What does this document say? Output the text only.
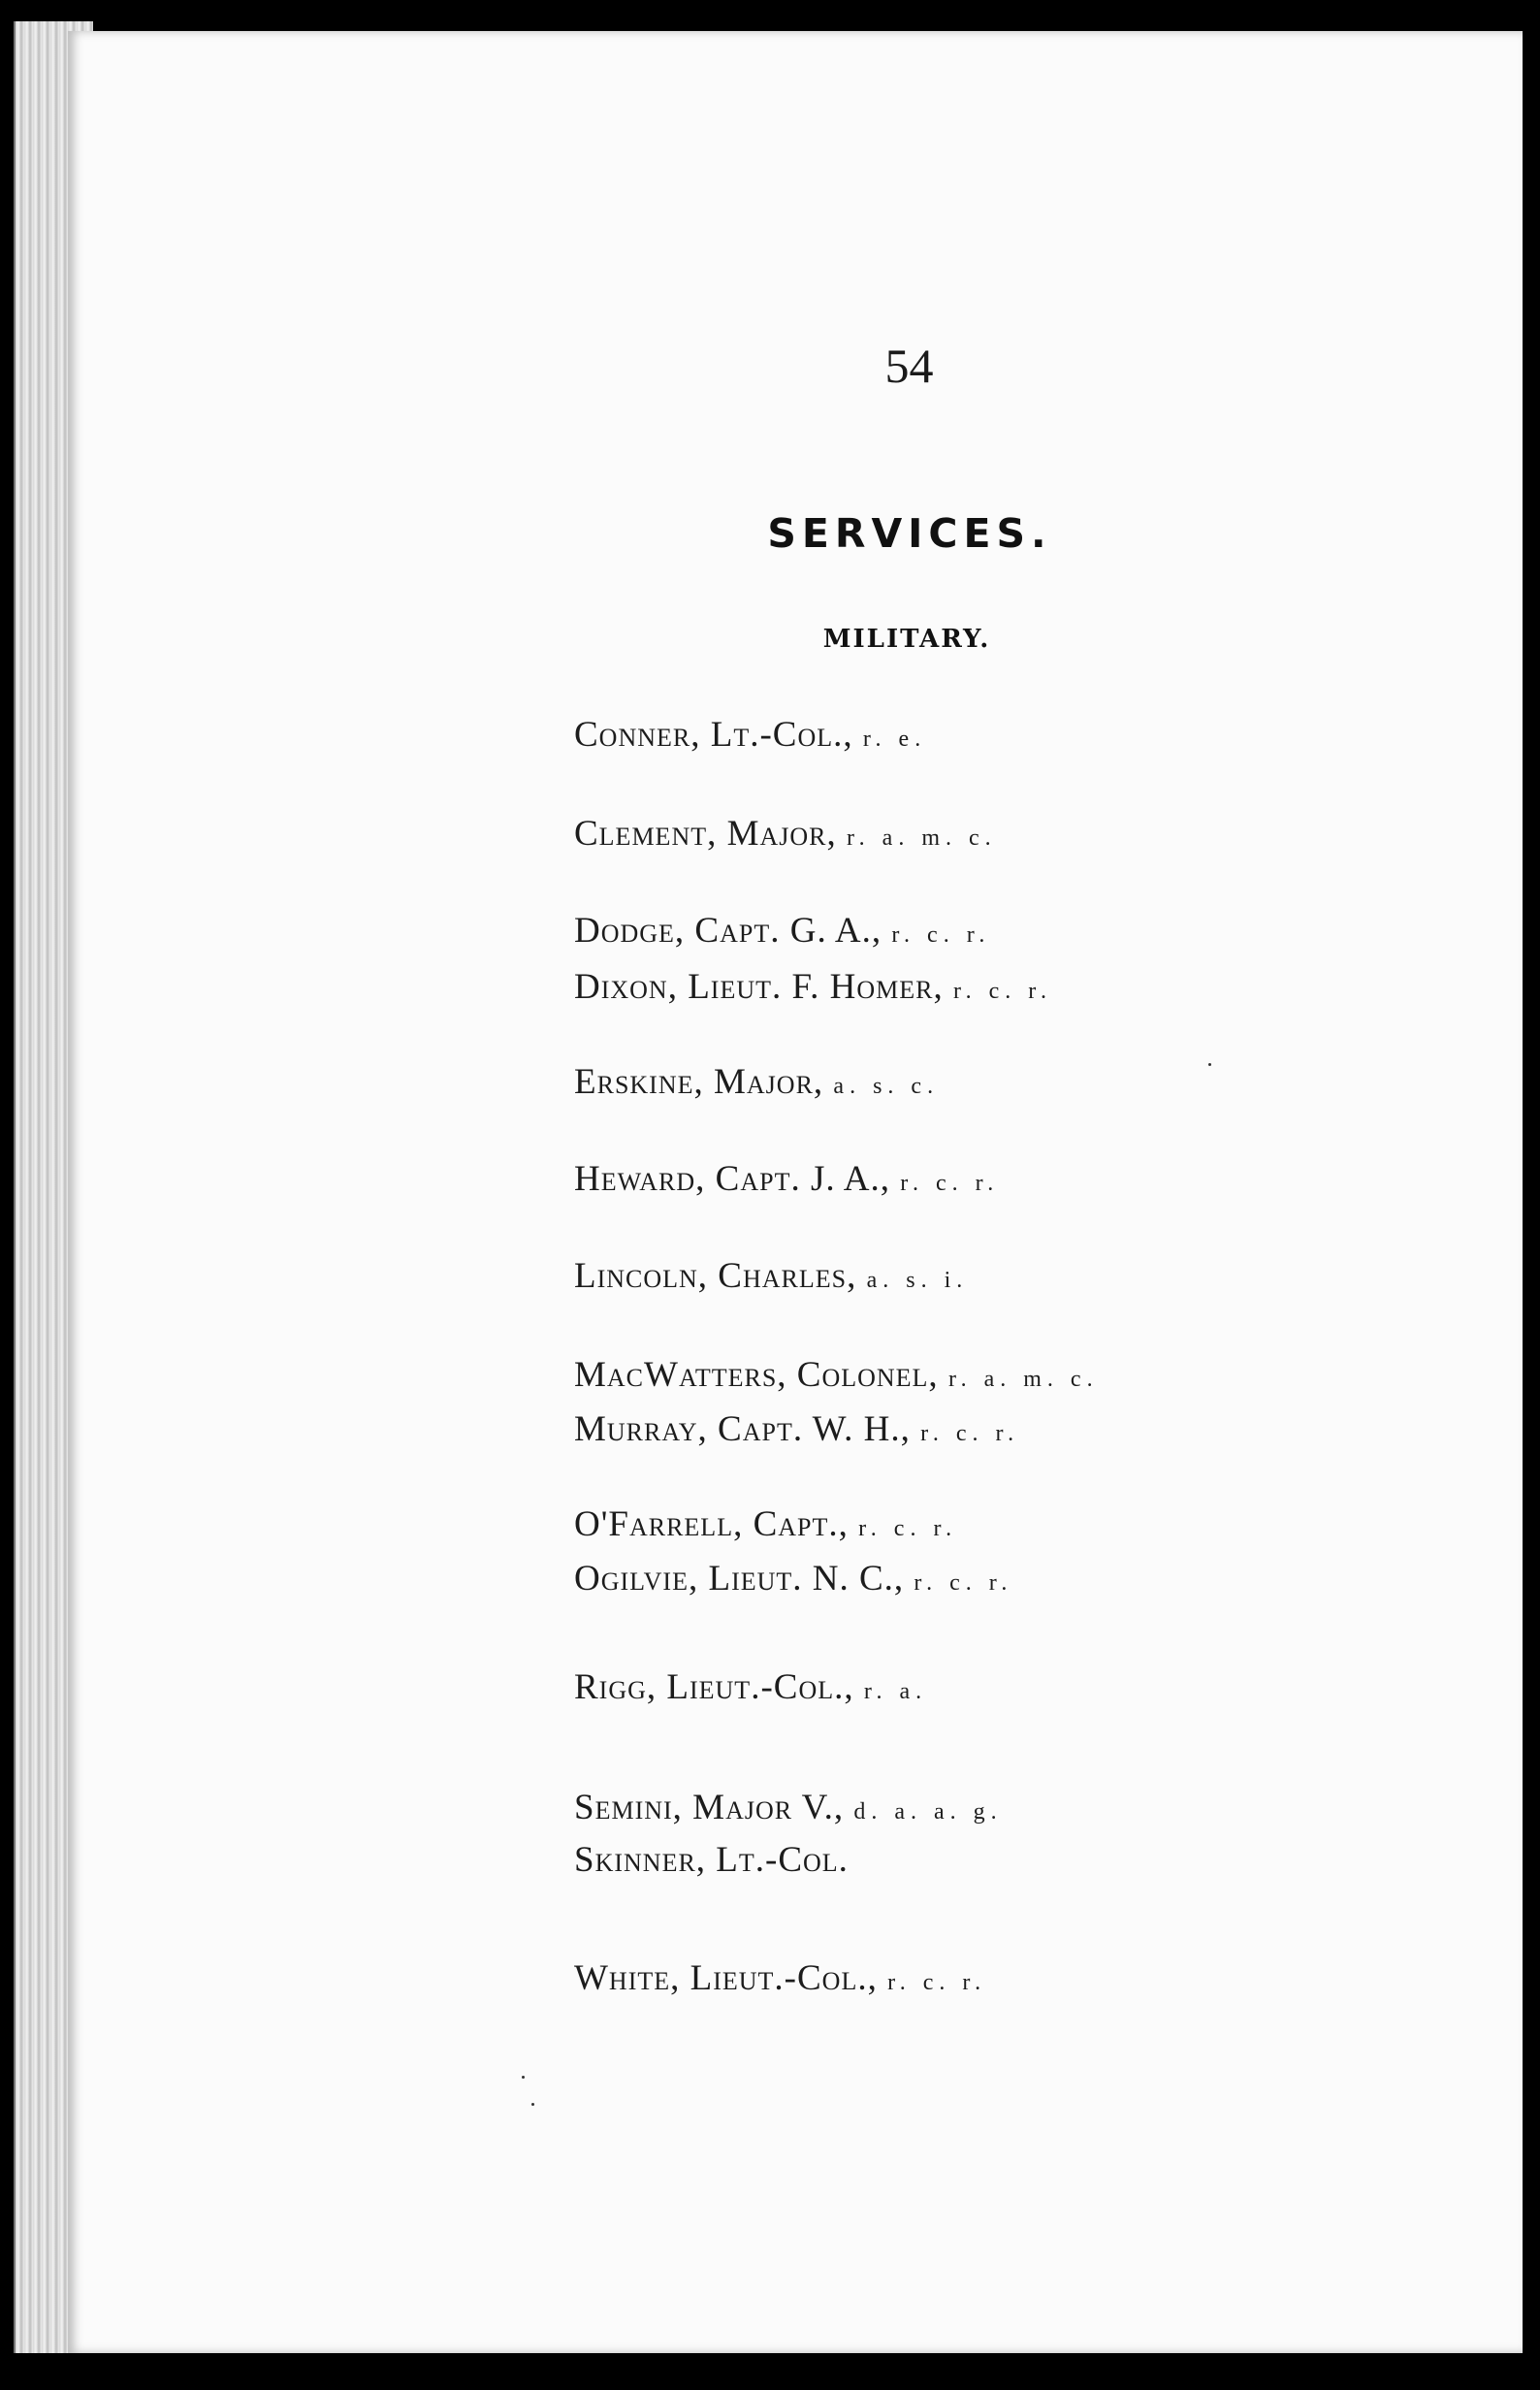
54
SERVICES.
MILITARY.
Conner, Lt.-Col., r. e.
Clement, Major, r. a. m. c.
Dodge, Capt. G. A., r. c. r.
Dixon, Lieut. F. Homer, r. c. r.
Erskine, Major, a. s. c.
Heward, Capt. J. A., r. c. r.
Lincoln, Charles, a. s. i.
MacWatters, Colonel, r. a. m. c.
Murray, Capt. W. H., r. c. r.
O'Farrell, Capt., r. c. r.
Ogilvie, Lieut. N. C., r. c. r.
Rigg, Lieut.-Col., r. a.
Semini, Major V., d. a. a. g.
Skinner, Lt.-Col.
White, Lieut.-Col., r. c. r.
